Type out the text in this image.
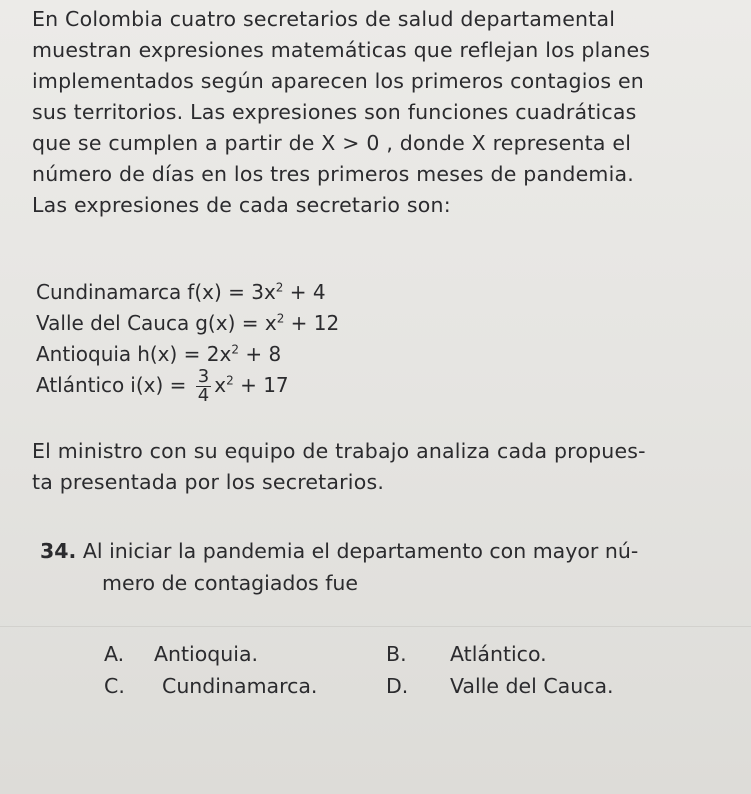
En Colombia cuatro secretarios de salud departamental
muestran expresiones matemáticas que reflejan los planes
implementados según aparecen los primeros contagios en
sus territorios. Las expresiones son funciones cuadráticas
que se cumplen a partir de X > 0 , donde X representa el
número de días en los tres primeros meses de pandemia.
Las expresiones de cada secretario son:
Cundinamarca $f(x) = 3x^2 + 4$
Valle del Cauca $g(x) = x^2 + 12$
Antioquia $h(x) = 2x^2 + 8$
Atlántico $i(x) = \frac{3}{4} x^2 + 17$
El ministro con su equipo de trabajo analiza cada propues-
ta presentada por los secretarios.
34. Al iniciar la pandemia el departamento con mayor nú-
mero de contagiados fue
A. Antioquia.	B. Atlántico.
C. Cundinamarca.	D. Valle del Cauca.
